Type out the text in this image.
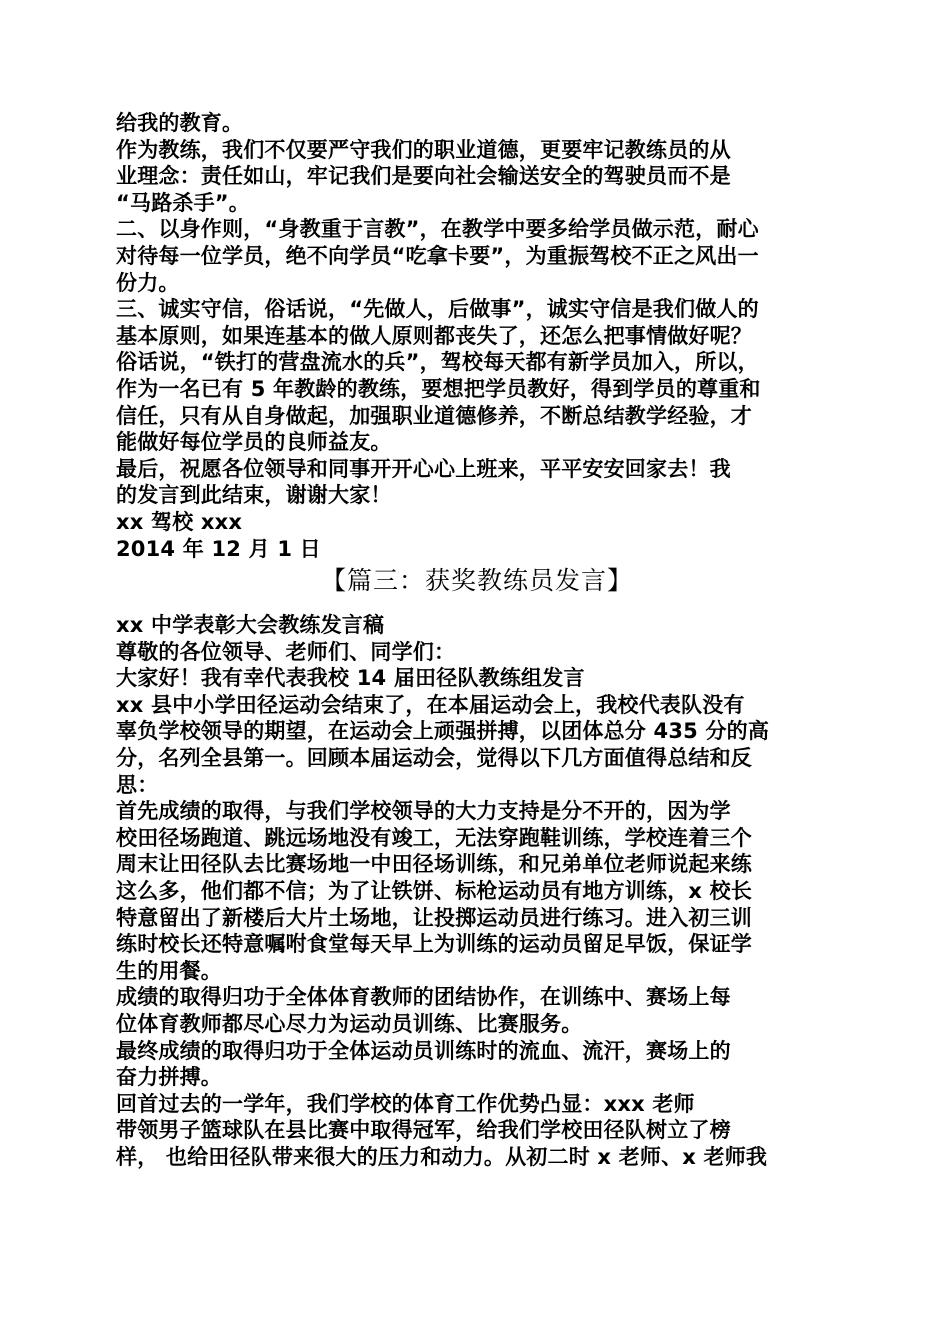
给我的教育。
作为教练，我们不仅要严守我们的职业道德，更要牢记教练员的从
业理念：责任如山，牢记我们是要向社会输送安全的驾驶员而不是
“马路杀手”。
二、以身作则，“身教重于言教”，在教学中要多给学员做示范，耐心
对待每一位学员，绝不向学员“吃拿卡要”，为重振驾校不正之风出一
份力。
三、诚实守信，俗话说，“先做人，后做事”，诚实守信是我们做人的
基本原则，如果连基本的做人原则都丧失了，还怎么把事情做好呢？
俗话说，“铁打的营盘流水的兵”，驾校每天都有新学员加入，所以，
作为一名已有 5 年教龄的教练，要想把学员教好，得到学员的尊重和
信任，只有从自身做起，加强职业道德修养，不断总结教学经验，才
能做好每位学员的良师益友。
最后，祝愿各位领导和同事开开心心上班来，平平安安回家去！我
的发言到此结束，谢谢大家！
xx 驾校 xxx
2014 年 12 月 1 日
【篇三：获奖教练员发言】
xx 中学表彰大会教练发言稿
尊敬的各位领导、老师们、同学们：
大家好！我有幸代表我校 14 届田径队教练组发言
xx 县中小学田径运动会结束了，在本届运动会上，我校代表队没有
辜负学校领导的期望，在运动会上顽强拼搏，以团体总分 435 分的高
分，名列全县第一。回顾本届运动会，觉得以下几方面值得总结和反
思：
首先成绩的取得，与我们学校领导的大力支持是分不开的，因为学
校田径场跑道、跳远场地没有竣工，无法穿跑鞋训练，学校连着三个
周末让田径队去比赛场地一中田径场训练，和兄弟单位老师说起来练
这么多，他们都不信；为了让铁饼、标枪运动员有地方训练，x 校长
特意留出了新楼后大片土场地，让投掷运动员进行练习。进入初三训
练时校长还特意嘱咐食堂每天早上为训练的运动员留足早饭，保证学
生的用餐。
成绩的取得归功于全体体育教师的团结协作，在训练中、赛场上每
位体育教师都尽心尽力为运动员训练、比赛服务。
最终成绩的取得归功于全体运动员训练时的流血、流汗，赛场上的
奋力拼搏。
回首过去的一学年，我们学校的体育工作优势凸显：xxx 老师
带领男子篮球队在县比赛中取得冠军，给我们学校田径队树立了榜
样， 也给田径队带来很大的压力和动力。从初二时 x 老师、x 老师我
